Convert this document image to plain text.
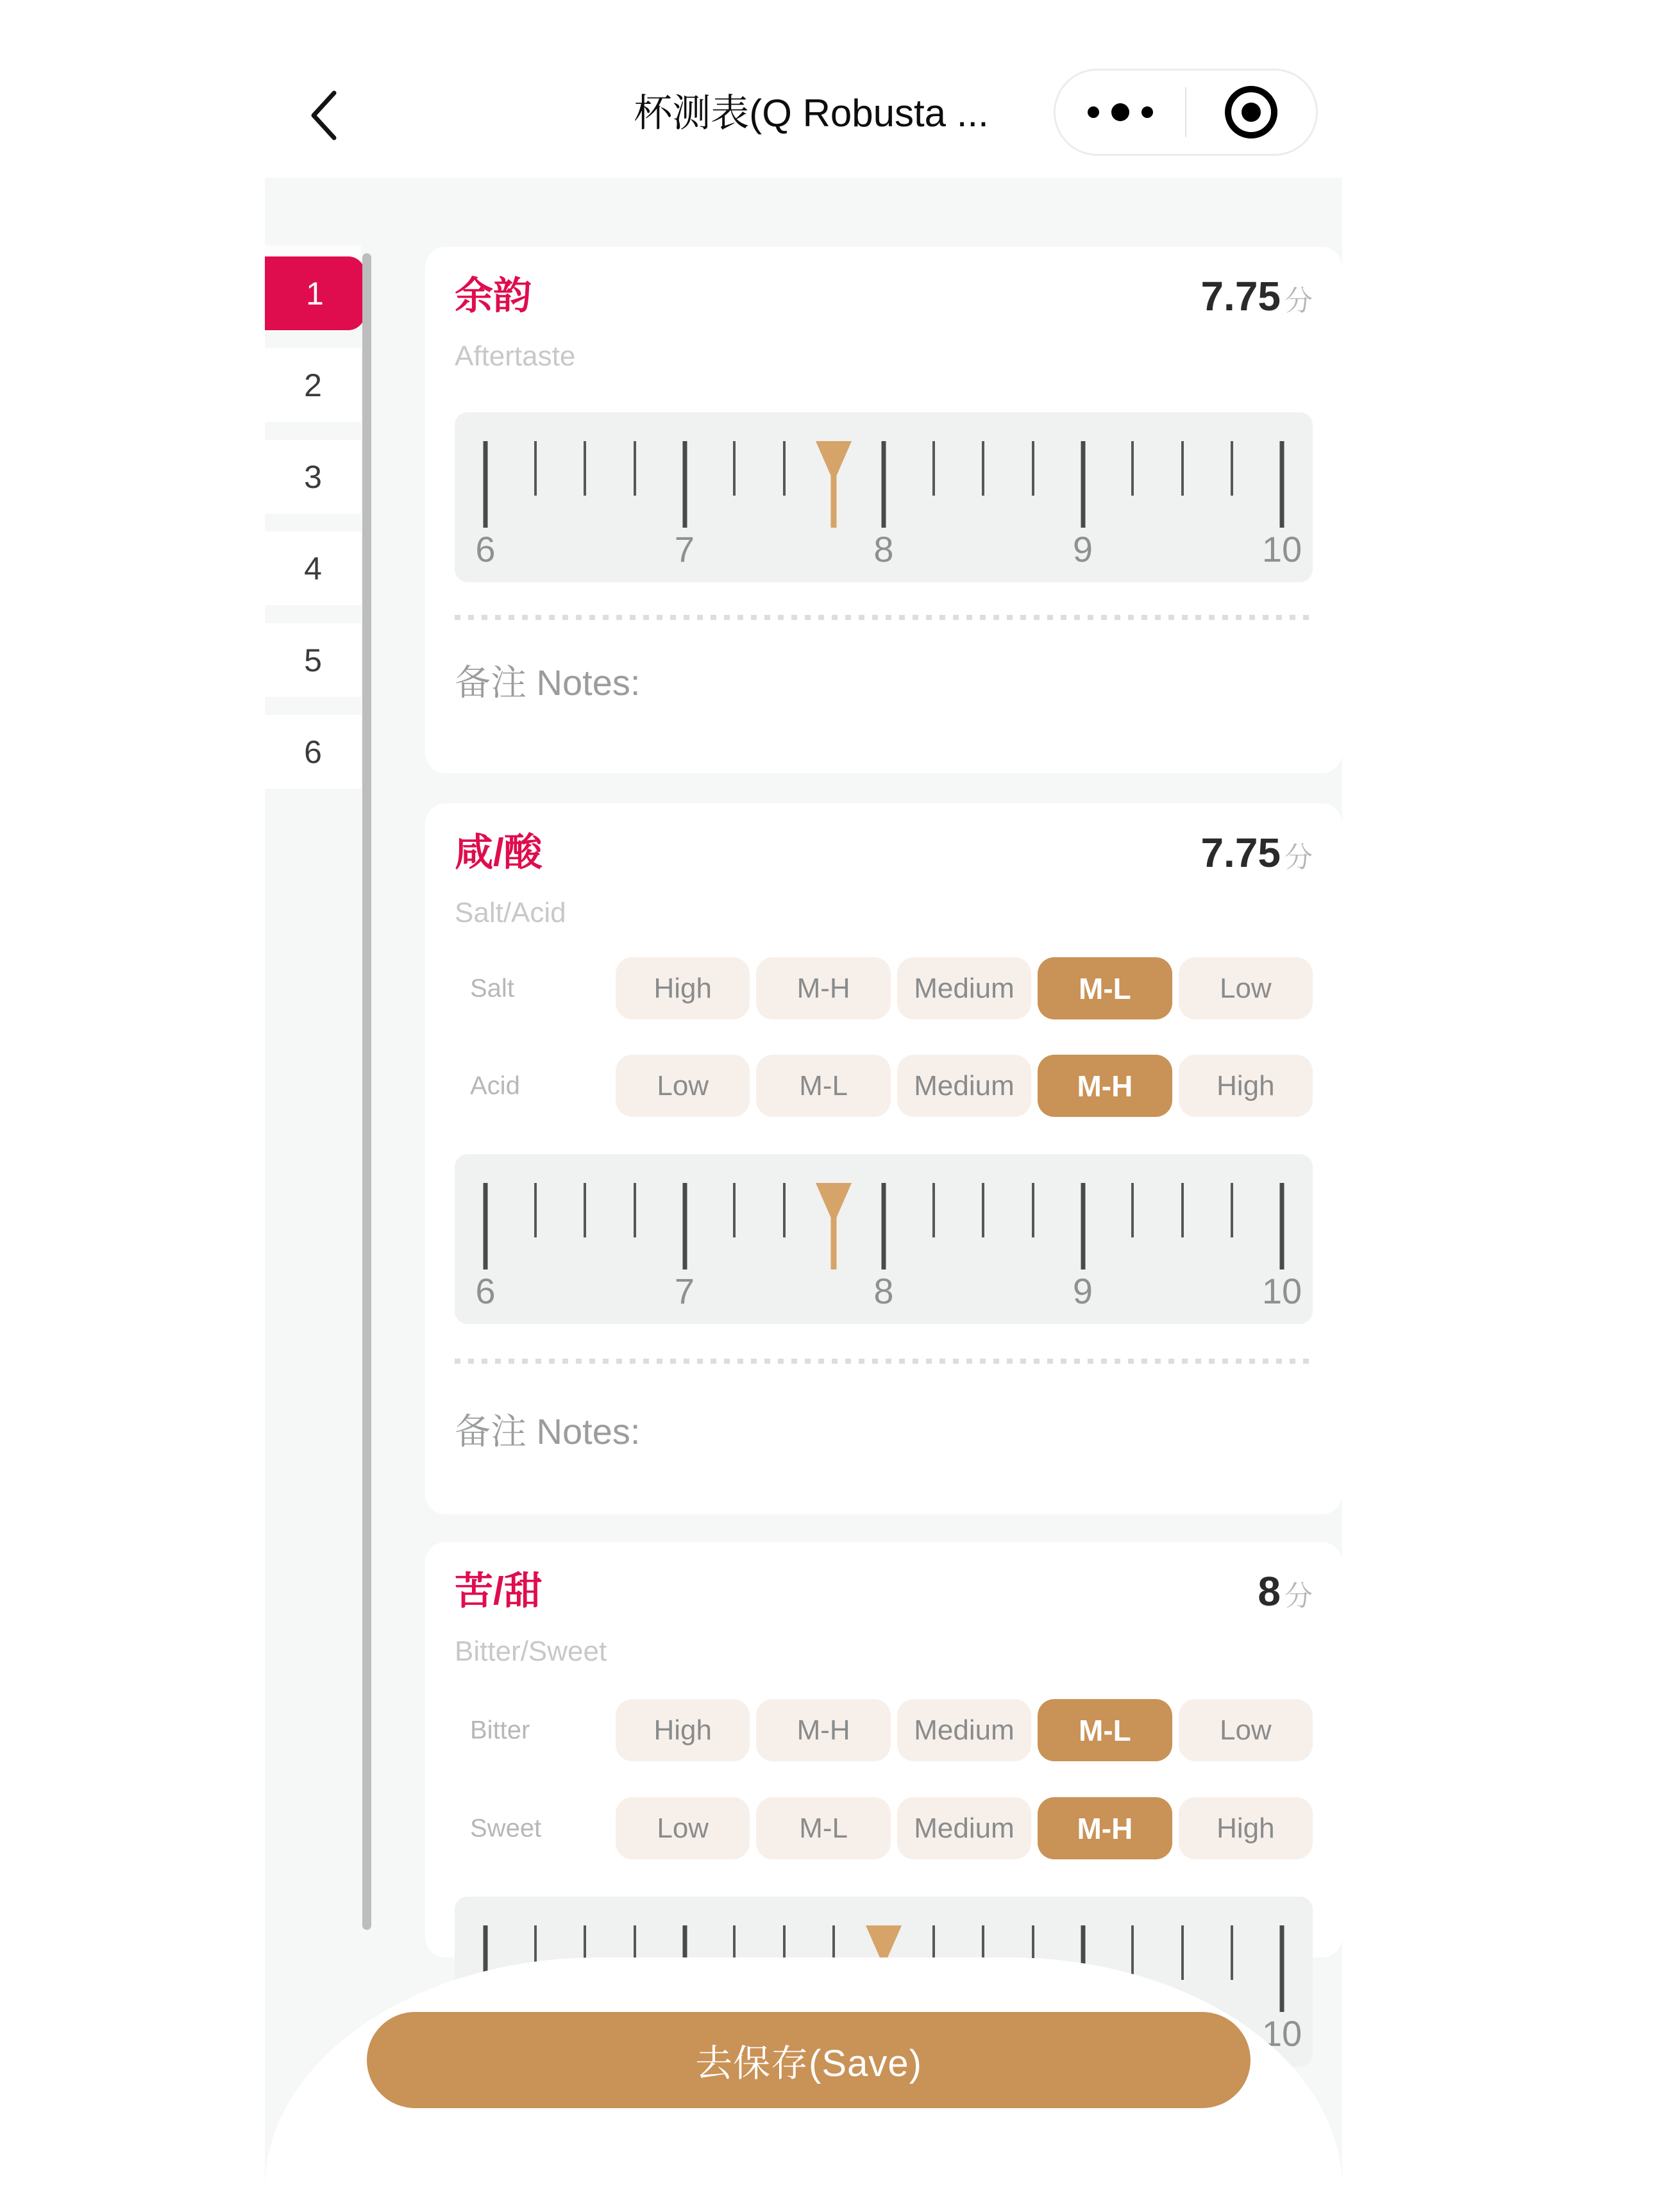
杯测表(Q Robusta ...
1
2
3
4
5
6
余韵	7.75 分
Aftertaste
6	7	8	9	10
备注 Notes:
咸/酸	7.75 分
Salt/Acid
Salt	High	M-H	Medium	M-L	Low
Acid	Low	M-L	Medium	M-H	High
6	7	8	9	10
备注 Notes:
苦/甜	8 分
Bitter/Sweet
Bitter	High	M-H	Medium	M-L	Low
Sweet	Low	M-L	Medium	M-H	High
10
去保存(Save)
